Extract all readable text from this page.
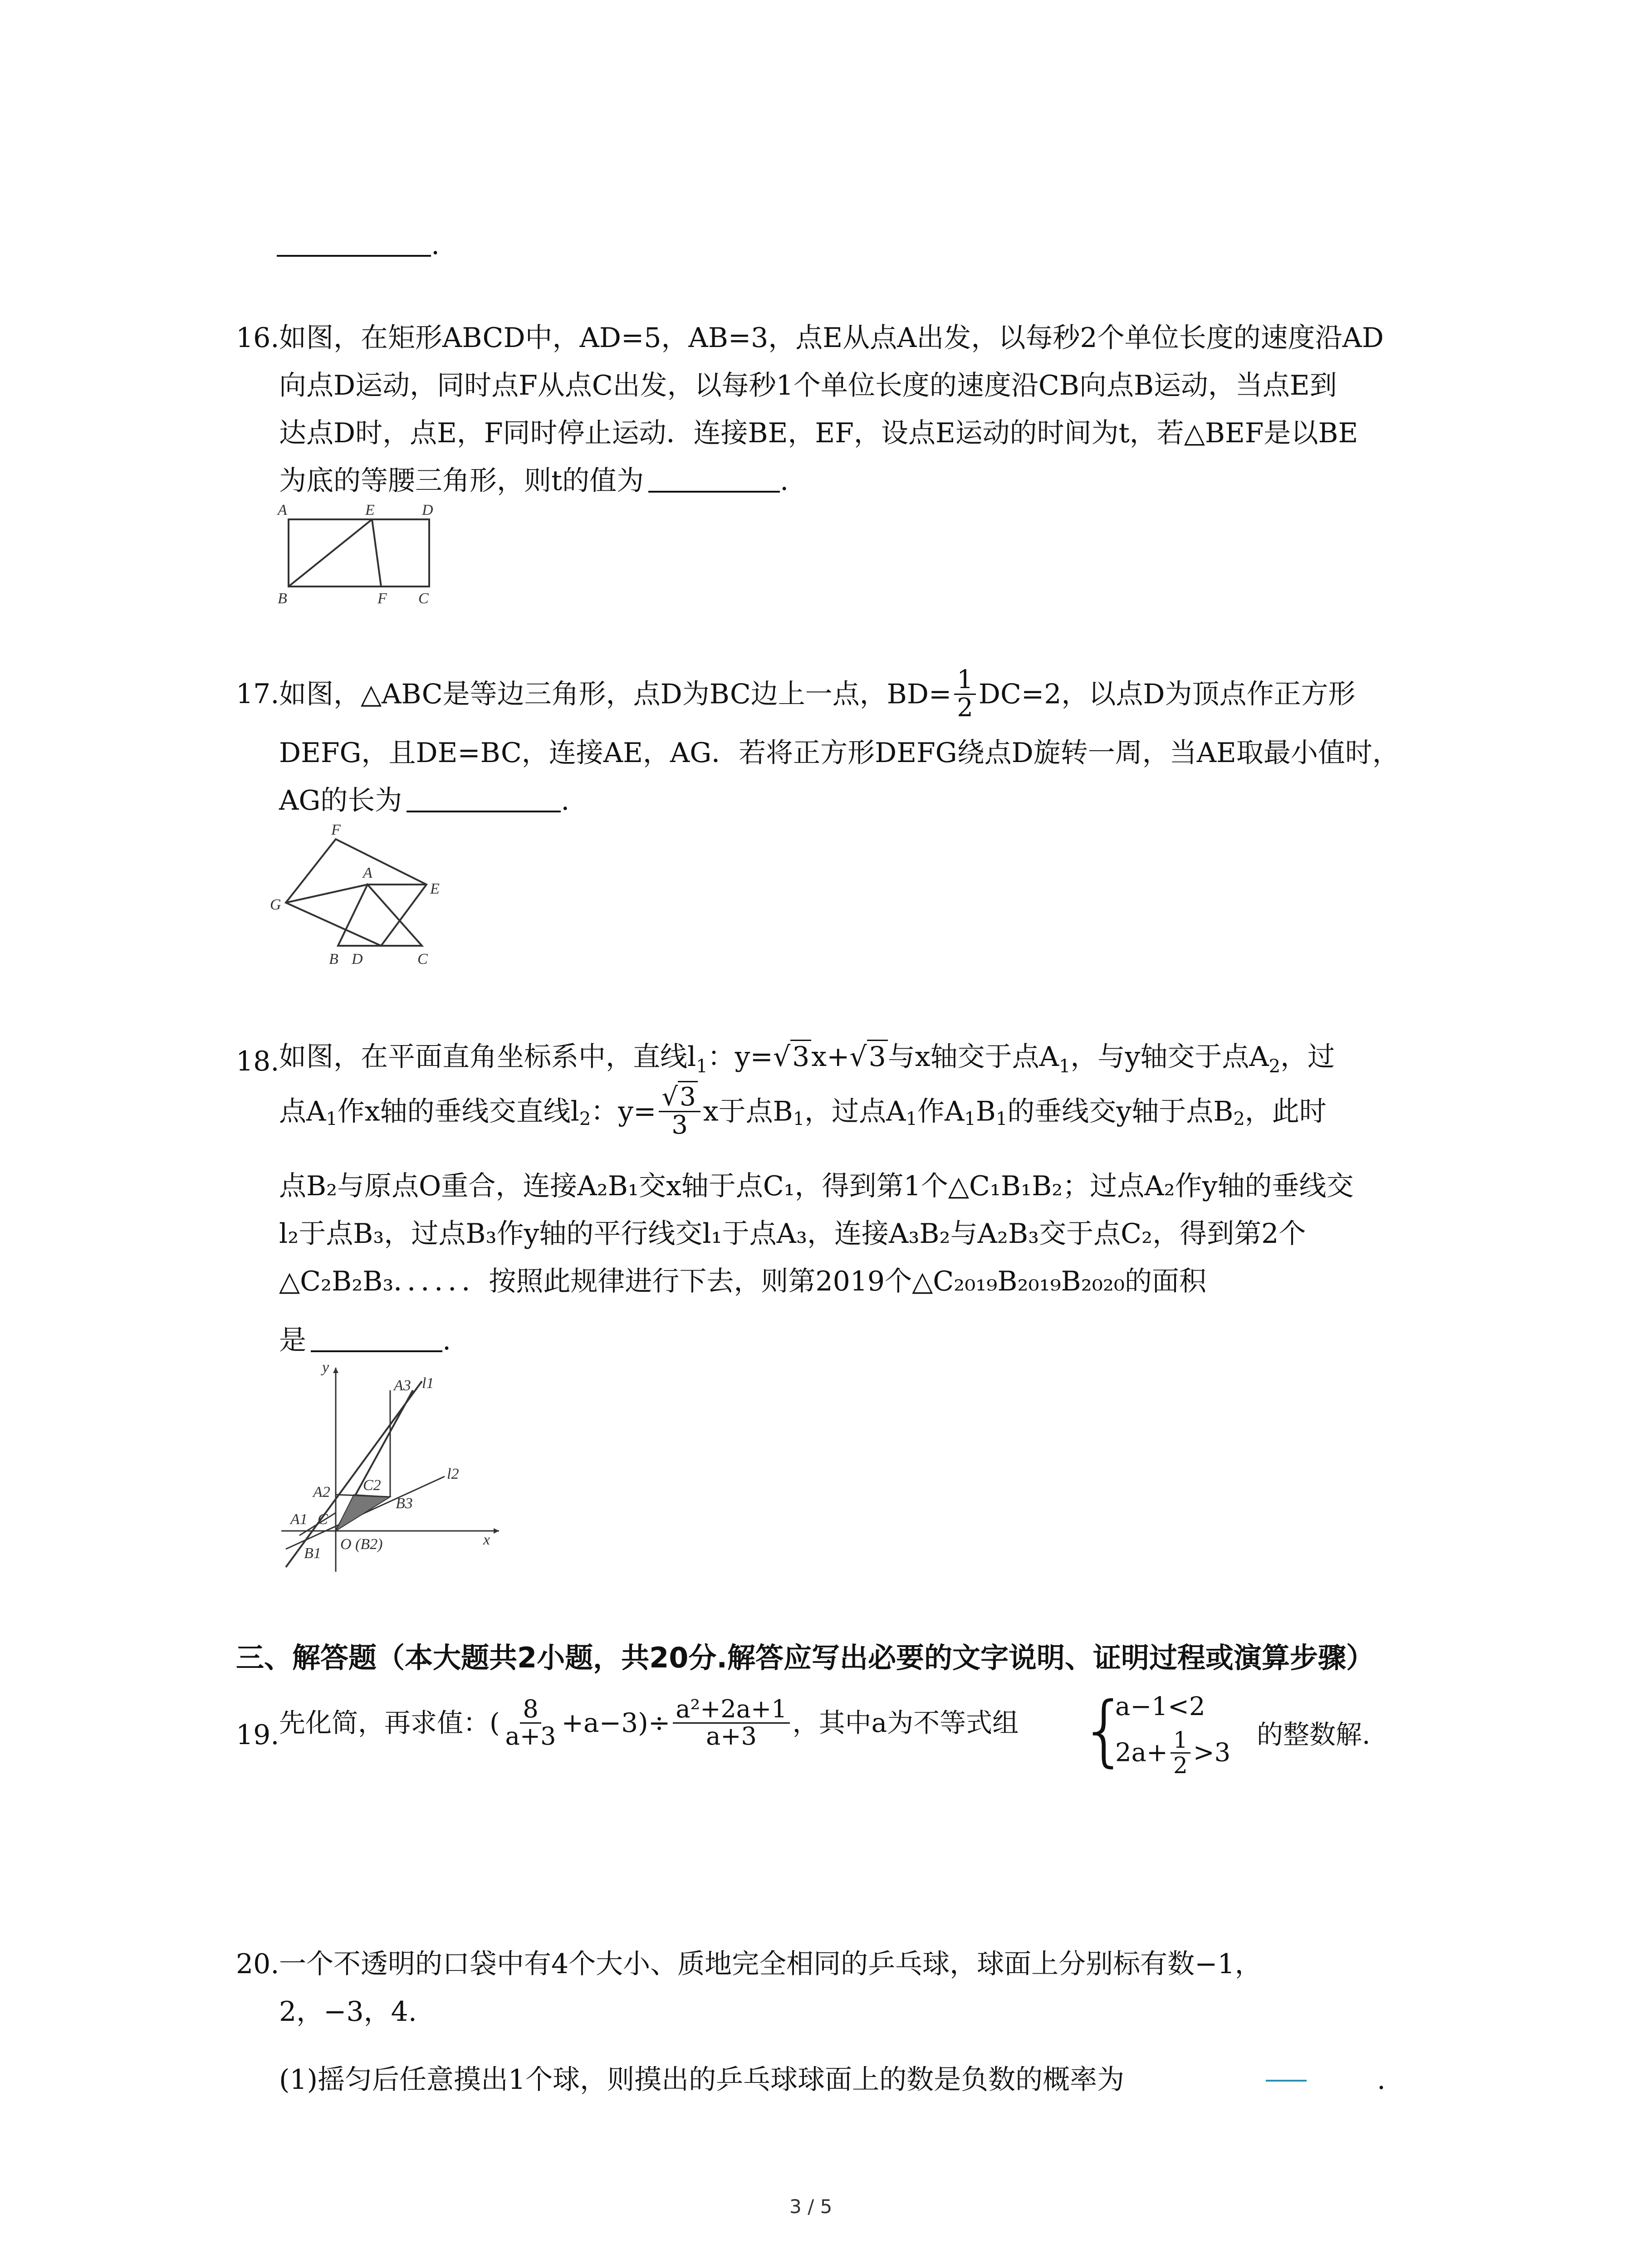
.
16. 如图，在矩形ABCD中，AD=5，AB=3，点E从点A出发，以每秒2个单位长度的速度沿AD
向点D运动，同时点F从点C出发，以每秒1个单位长度的速度沿CB向点B运动，当点E到
达点D时，点E，F同时停止运动．连接BE，EF，设点E运动的时间为t，若△BEF是以BE
为底的等腰三角形，则t的值为	.
A	E	D
B	F C
17. 如图，△ABC是等边三角形，点D为BC边上一点，$BD= \frac{1}{2} DC=2$，以点D为顶点作正方形
DEFG，且DE=BC，连接AE，AG．若将正方形DEFG绕点D旋转一周，当AE取最小值时，
AG的长为	.
F
A
E
G
B D	C
18. 如图，在平面直角坐标系中，直线$l_1$：y=√3x+√3与x轴交于点$A_1$，与y轴交于点$A_2$，过
点$A_1$作x轴的垂线交直线$l_2$：$y= \frac{√3}{3}$ x于点$B_1$，过点$A_1$作$A_1B_1$的垂线交y轴于点$B_2$，此时
点B₂与原点O重合，连接A₂B₁交x轴于点C₁，得到第1个△C₁B₁B₂；过点A₂作y轴的垂线交
l₂于点B₃，过点B₃作y轴的平行线交l₁于点A₃，连接A₃B₂与A₂B₃交于点C₂，得到第2个
△C₂B₂B₃．．．．．．按照此规律进行下去，则第2019个△C₂₀₁₉B₂₀₁₉B₂₀₂₀的面积
是	.
y
x
A3 l1
l2
A2 C2
B3
A1 C
B1
O (B2)
三、解答题（本大题共2小题，共20分.解答应写出必要的文字说明、证明过程或演算步骤）
19. 先化简，再求值：( $\frac{8}{a+3} +a-3)\div \frac{\text{a²+2a+1}}{a+3}$ ，其中a为不等式组 {
a−1<2
$2a+ \frac{1}{2} >3$
的整数解.
20. 一个不透明的口袋中有4个大小、质地完全相同的乒乓球，球面上分别标有数−1，
2，−3，4.
(1)摇匀后任意摸出1个球，则摸出的乒乓球球面上的数是负数的概率为	.
3 / 5
